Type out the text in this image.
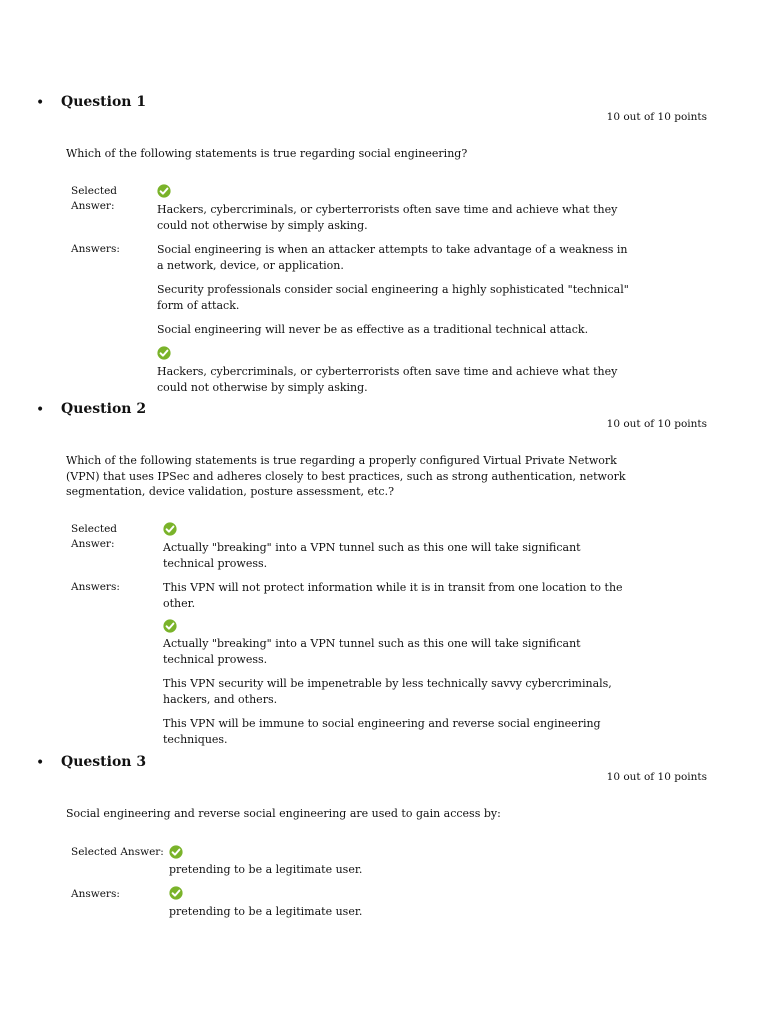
• Question 1
10 out of 10 points
Which of the following statements is true regarding social engineering?
Selected
Answer:	Hackers, cybercriminals, or cyberterrorists often save time and achieve what they could not otherwise by simply asking.
Answers:	Social engineering is when an attacker attempts to take advantage of a weakness in a network, device, or application.
Security professionals consider social engineering a highly sophisticated "technical" form of attack.
Social engineering will never be as effective as a traditional technical attack.
Hackers, cybercriminals, or cyberterrorists often save time and achieve what they could not otherwise by simply asking.
• Question 2
10 out of 10 points
Which of the following statements is true regarding a properly configured Virtual Private Network (VPN) that uses IPSec and adheres closely to best practices, such as strong authentication, network segmentation, device validation, posture assessment, etc.?
Selected
Answer:	Actually "breaking" into a VPN tunnel such as this one will take significant technical prowess.
Answers:	This VPN will not protect information while it is in transit from one location to the other.
Actually "breaking" into a VPN tunnel such as this one will take significant technical prowess.
This VPN security will be impenetrable by less technically savvy cybercriminals, hackers, and others.
This VPN will be immune to social engineering and reverse social engineering techniques.
• Question 3
10 out of 10 points
Social engineering and reverse social engineering are used to gain access by:
Selected Answer:
pretending to be a legitimate user.
Answers:
pretending to be a legitimate user.
